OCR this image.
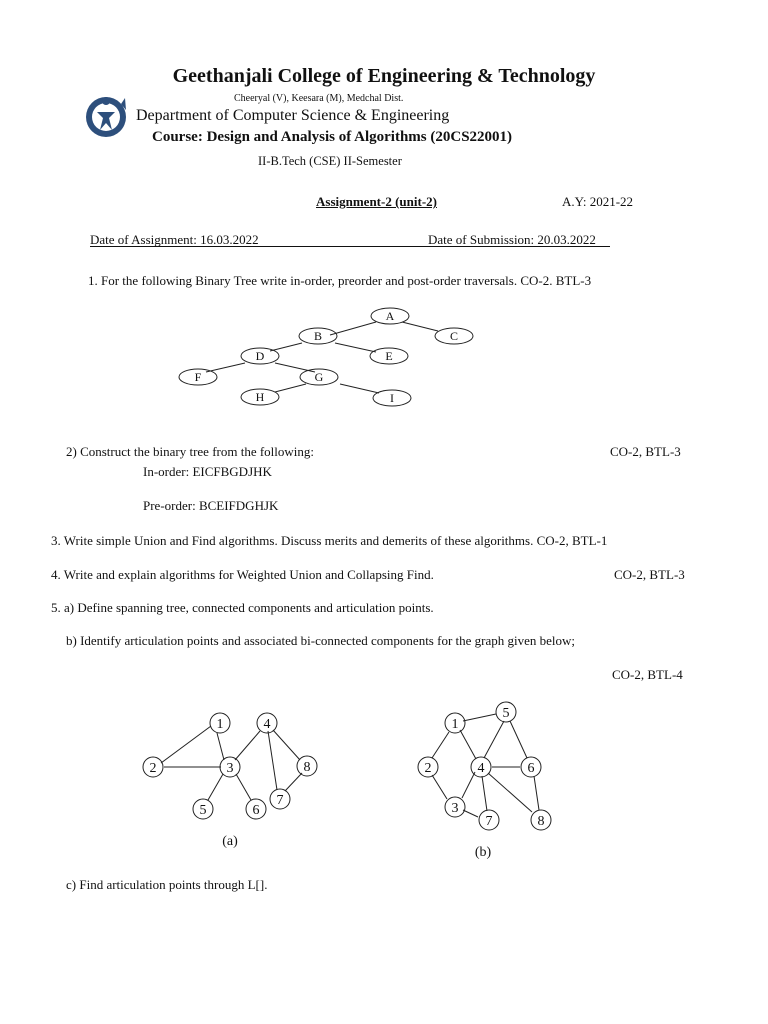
Geethanjali College of Engineering & Technology
Cheeryal (V), Keesara (M), Medchal Dist.
Department of Computer Science & Engineering
Course: Design and Analysis of Algorithms (20CS22001)
II-B.Tech (CSE) II-Semester
Assignment-2 (unit-2)	A.Y: 2021-22
Date of Assignment: 16.03.2022	Date of Submission: 20.03.2022
1. For the following Binary Tree write in-order, preorder and post-order traversals. CO-2. BTL-3
A
B	C
D	E
F	G
H	I
2) Construct the binary tree from the following:	CO-2, BTL-3
In-order: EICFBGDJHK
Pre-order: BCEIFDGHJK
3. Write simple Union and Find algorithms. Discuss merits and demerits of these algorithms. CO-2, BTL-1
4. Write and explain algorithms for Weighted Union and Collapsing Find.	CO-2, BTL-3
5. a) Define spanning tree, connected components and articulation points.
b) Identify articulation points and associated bi-connected components for the graph given below;
CO-2, BTL-4
1
2	3
4
5	6
7
8
(a)
1
2
3
4
5
6
7	8
(b)
c) Find articulation points through L[].
